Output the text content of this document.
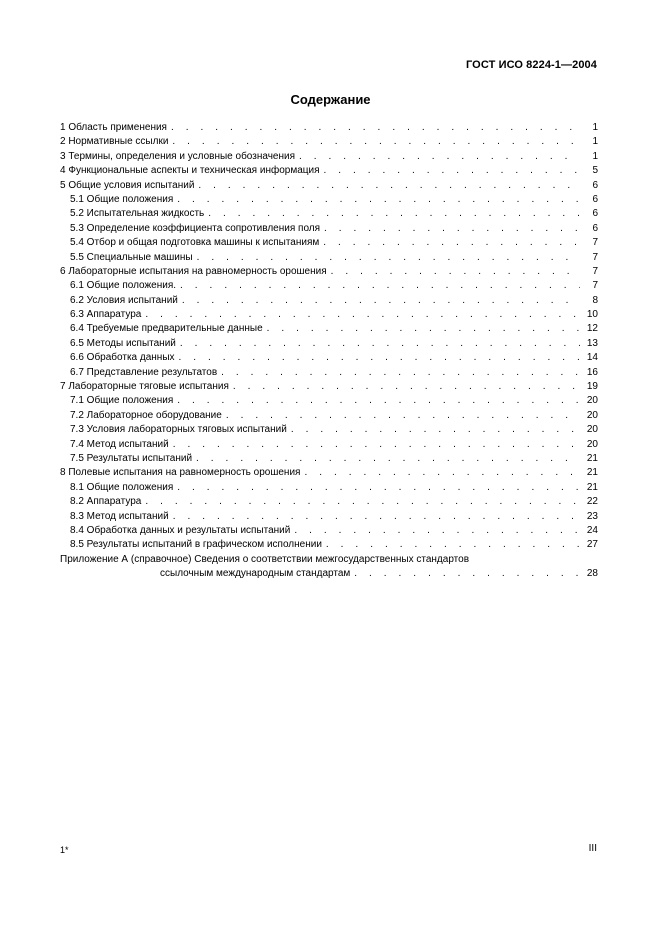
ГОСТ ИСО 8224-1—2004
Содержание
1 Область применения . . .	1
2 Нормативные ссылки . . .	1
3 Термины, определения и условные обозначения . . .	1
4 Функциональные аспекты и техническая информация . . .	5
5 Общие условия испытаний . . .	6
5.1 Общие положения . . .	6
5.2 Испытательная жидкость . . .	6
5.3 Определение коэффициента сопротивления поля . . .	6
5.4 Отбор и общая подготовка машины к испытаниям . . .	7
5.5 Специальные машины . . .	7
6 Лабораторные испытания на равномерность орошения . . .	7
6.1 Общие положения. . . .	7
6.2 Условия испытаний . . .	8
6.3 Аппаратура . . .	10
6.4 Требуемые предварительные данные . . .	12
6.5 Методы испытаний . . .	13
6.6 Обработка данных . . .	14
6.7 Представление результатов . . .	16
7 Лабораторные тяговые испытания . . .	19
7.1 Общие положения . . .	20
7.2 Лабораторное оборудование . . .	20
7.3 Условия лабораторных тяговых испытаний . . .	20
7.4 Метод испытаний . . .	20
7.5 Результаты испытаний . . .	21
8 Полевые испытания на равномерность орошения . . .	21
8.1 Общие положения . . .	21
8.2 Аппаратура . . .	22
8.3 Метод испытаний . . .	23
8.4 Обработка данных и результаты испытаний . . .	24
8.5 Результаты испытаний в графическом исполнении . . .	27
Приложение А (справочное) Сведения о соответствии межгосударственных стандартов
ссылочным международным стандартам . . .	28
1*	III
